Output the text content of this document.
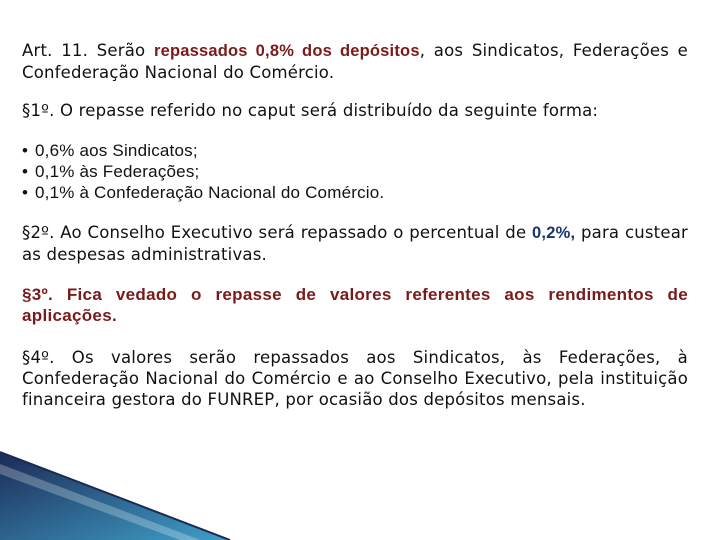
Art. 11. Serão repassados 0,8% dos depósitos, aos Sindicatos, Federações e Confederação Nacional do Comércio.

§1º. O repasse referido no caput será distribuído da seguinte forma:

• 0,6% aos Sindicatos;
• 0,1% às Federações;
• 0,1% à Confederação Nacional do Comércio.

§2º. Ao Conselho Executivo será repassado o percentual de 0,2%, para custear as despesas administrativas.

§3º. Fica vedado o repasse de valores referentes aos rendimentos de aplicações.

§4º. Os valores serão repassados aos Sindicatos, às Federações, à Confederação Nacional do Comércio e ao Conselho Executivo, pela instituição financeira gestora do FUNREP, por ocasião dos depósitos mensais.
